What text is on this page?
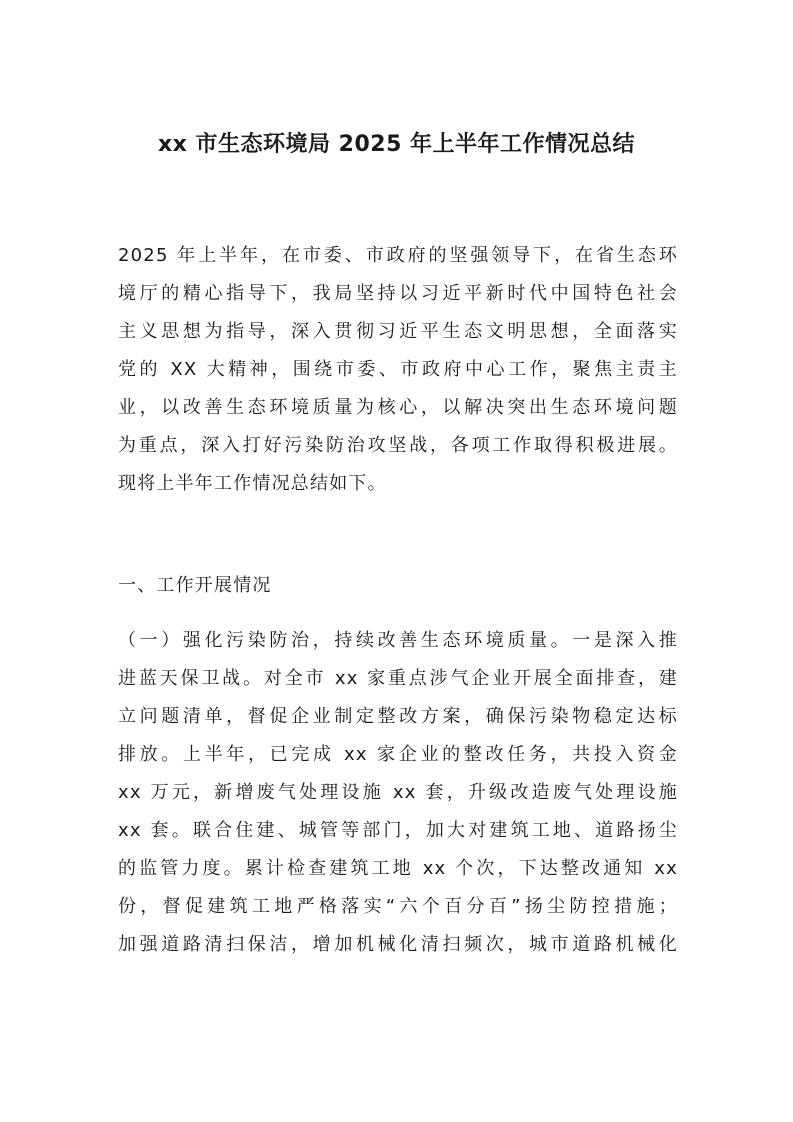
xx 市生态环境局 2025 年上半年工作情况总结
2025 年上半年，在市委、市政府的坚强领导下，在省生态环
境厅的精心指导下，我局坚持以习近平新时代中国特色社会
主义思想为指导，深入贯彻习近平生态文明思想，全面落实
党的 XX 大精神，围绕市委、市政府中心工作，聚焦主责主
业，以改善生态环境质量为核心，以解决突出生态环境问题
为重点，深入打好污染防治攻坚战，各项工作取得积极进展。
现将上半年工作情况总结如下。
一、工作开展情况
（一）强化污染防治，持续改善生态环境质量。一是深入推
进蓝天保卫战。对全市 xx 家重点涉气企业开展全面排查，建
立问题清单，督促企业制定整改方案，确保污染物稳定达标
排放。上半年，已完成 xx 家企业的整改任务，共投入资金
xx 万元，新增废气处理设施 xx 套，升级改造废气处理设施
xx 套。联合住建、城管等部门，加大对建筑工地、道路扬尘
的监管力度。累计检查建筑工地 xx 个次，下达整改通知 xx
份，督促建筑工地严格落实“六个百分百”扬尘防控措施；
加强道路清扫保洁，增加机械化清扫频次，城市道路机械化
